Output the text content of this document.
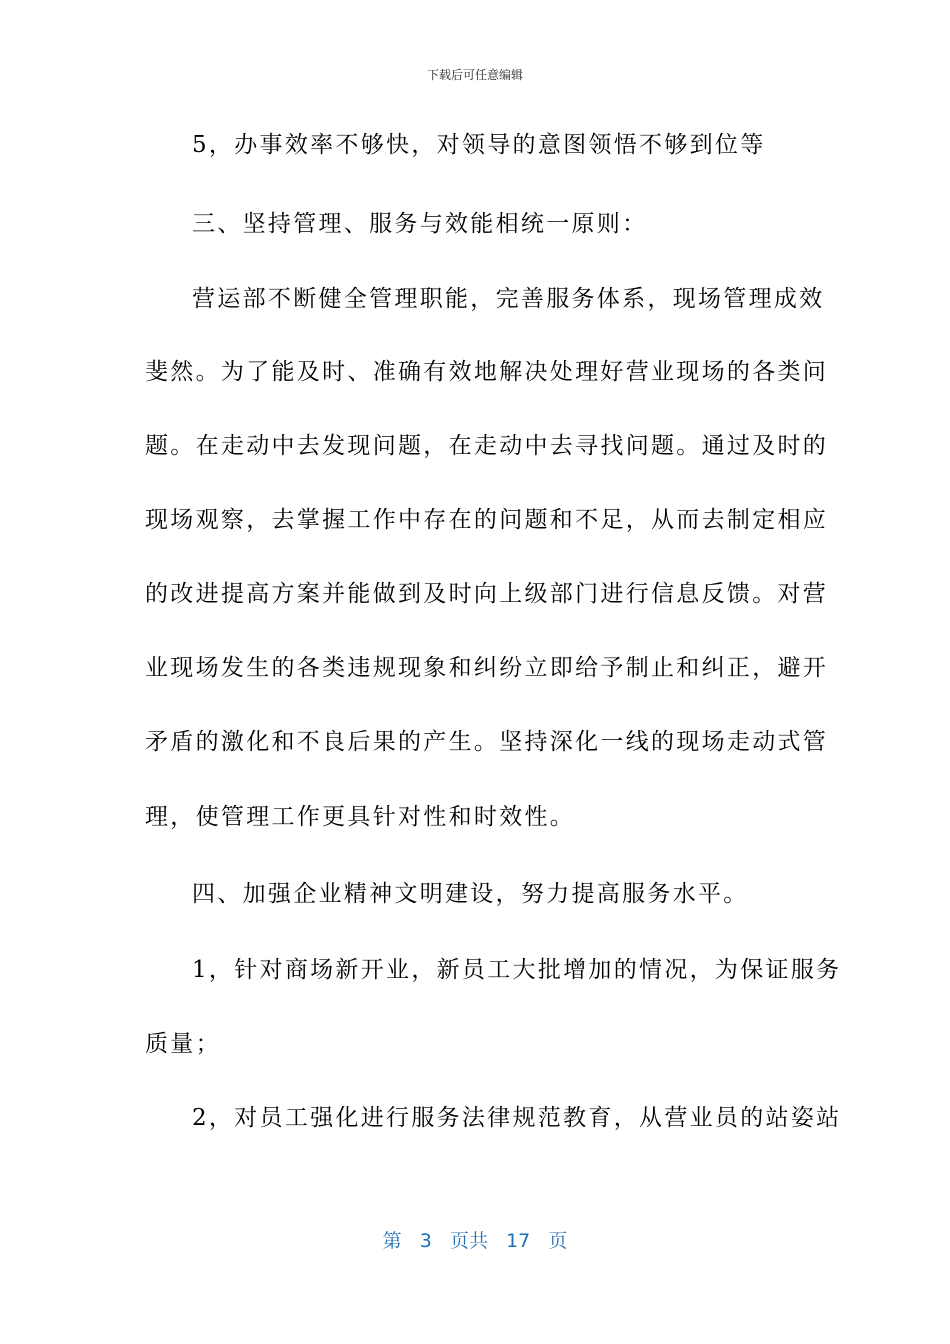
下载后可任意编辑
5，办事效率不够快，对领导的意图领悟不够到位等
三、坚持管理、服务与效能相统一原则：
营运部不断健全管理职能，完善服务体系，现场管理成效
斐然。为了能及时、准确有效地解决处理好营业现场的各类问
题。在走动中去发现问题，在走动中去寻找问题。通过及时的
现场观察，去掌握工作中存在的问题和不足，从而去制定相应
的改进提高方案并能做到及时向上级部门进行信息反馈。对营
业现场发生的各类违规现象和纠纷立即给予制止和纠正，避开
矛盾的激化和不良后果的产生。坚持深化一线的现场走动式管
理，使管理工作更具针对性和时效性。
四、加强企业精神文明建设，努力提高服务水平。
1，针对商场新开业，新员工大批增加的情况，为保证服务
质量；
2，对员工强化进行服务法律规范教育，从营业员的站姿站
第 3 页共 17 页
